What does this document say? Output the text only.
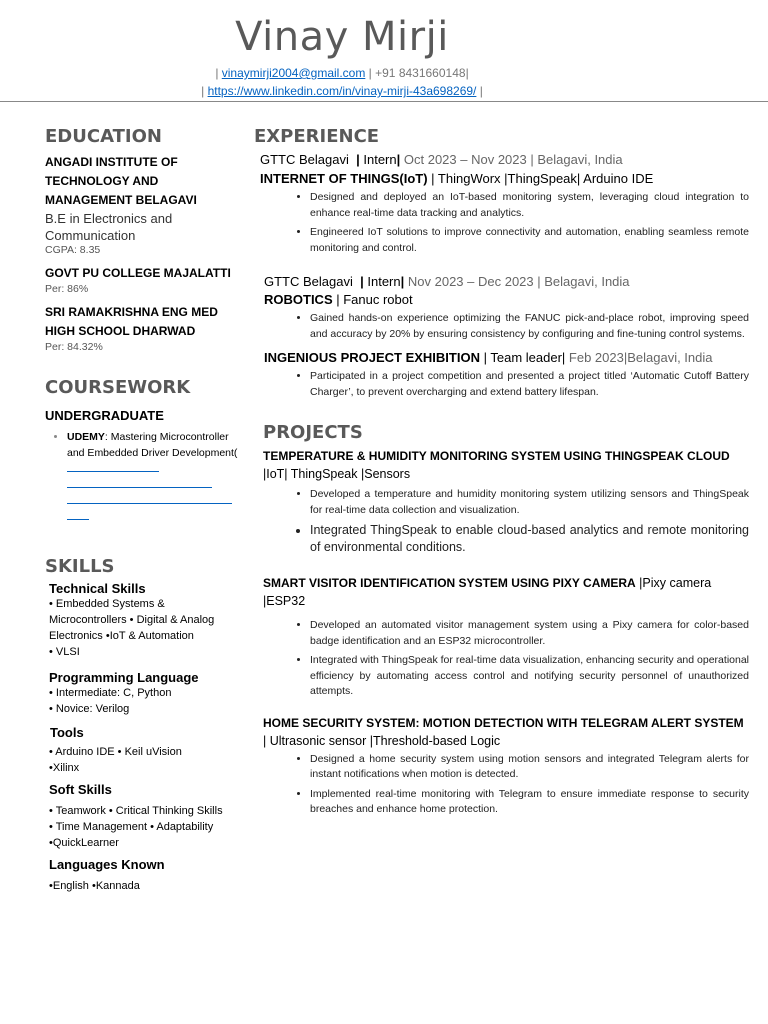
Vinay Mirji
| vinaymirji2004@gmail.com | +91 8431660148|
| https://www.linkedin.com/in/vinay-mirji-43a698269/ |
EDUCATION
ANGADI INSTITUTE OF TECHNOLOGY AND MANAGEMENT BELAGAVI
B.E in Electronics and Communication
CGPA: 8.35
GOVT PU COLLEGE MAJALATTI
Per: 86%
SRI RAMAKRISHNA ENG MED HIGH SCHOOL DHARWAD
Per: 84.32%
COURSEWORK
UNDERGRADUATE
• UDEMY: Mastering Microcontroller and Embedded Driver Development(
SKILLS
Technical Skills
• Embedded Systems & Microcontrollers • Digital & Analog Electronics •IoT & Automation
• VLSI
Programming Language
• Intermediate: C, Python
• Novice: Verilog
Tools
• Arduino IDE • Keil uVision
•Xilinx
Soft Skills
• Teamwork • Critical Thinking Skills
• Time Management • Adaptability
•QuickLearner
Languages Known
•English •Kannada
EXPERIENCE
GTTC Belagavi | Intern| Oct 2023 – Nov 2023 | Belagavi, India
INTERNET OF THINGS(IoT) | ThingWorx |ThingSpeak| Arduino IDE
• Designed and deployed an IoT-based monitoring system, leveraging cloud integration to enhance real-time data tracking and analytics.
• Engineered IoT solutions to improve connectivity and automation, enabling seamless remote monitoring and control.
GTTC Belagavi | Intern| Nov 2023 – Dec 2023 | Belagavi, India
ROBOTICS | Fanuc robot
• Gained hands-on experience optimizing the FANUC pick-and-place robot, improving speed and accuracy by 20% by ensuring consistency by configuring and fine-tuning control systems.
INGENIOUS PROJECT EXHIBITION | Team leader| Feb 2023|Belagavi, India
• Participated in a project competition and presented a project titled ‘Automatic Cutoff Battery Charger’, to prevent overcharging and extend battery lifespan.
PROJECTS
TEMPERATURE & HUMIDITY MONITORING SYSTEM USING THINGSPEAK CLOUD |IoT| ThingSpeak |Sensors
• Developed a temperature and humidity monitoring system utilizing sensors and ThingSpeak for real-time data collection and visualization.
• Integrated ThingSpeak to enable cloud-based analytics and remote monitoring of environmental conditions.
SMART VISITOR IDENTIFICATION SYSTEM USING PIXY CAMERA |Pixy camera |ESP32
• Developed an automated visitor management system using a Pixy camera for color-based badge identification and an ESP32 microcontroller.
• Integrated with ThingSpeak for real-time data visualization, enhancing security and operational efficiency by automating access control and notifying security personnel of unauthorized attempts.
HOME SECURITY SYSTEM: MOTION DETECTION WITH TELEGRAM ALERT SYSTEM | Ultrasonic sensor |Threshold-based Logic
• Designed a home security system using motion sensors and integrated Telegram alerts for instant notifications when motion is detected.
• Implemented real-time monitoring with Telegram to ensure immediate response to security breaches and enhance home protection.
